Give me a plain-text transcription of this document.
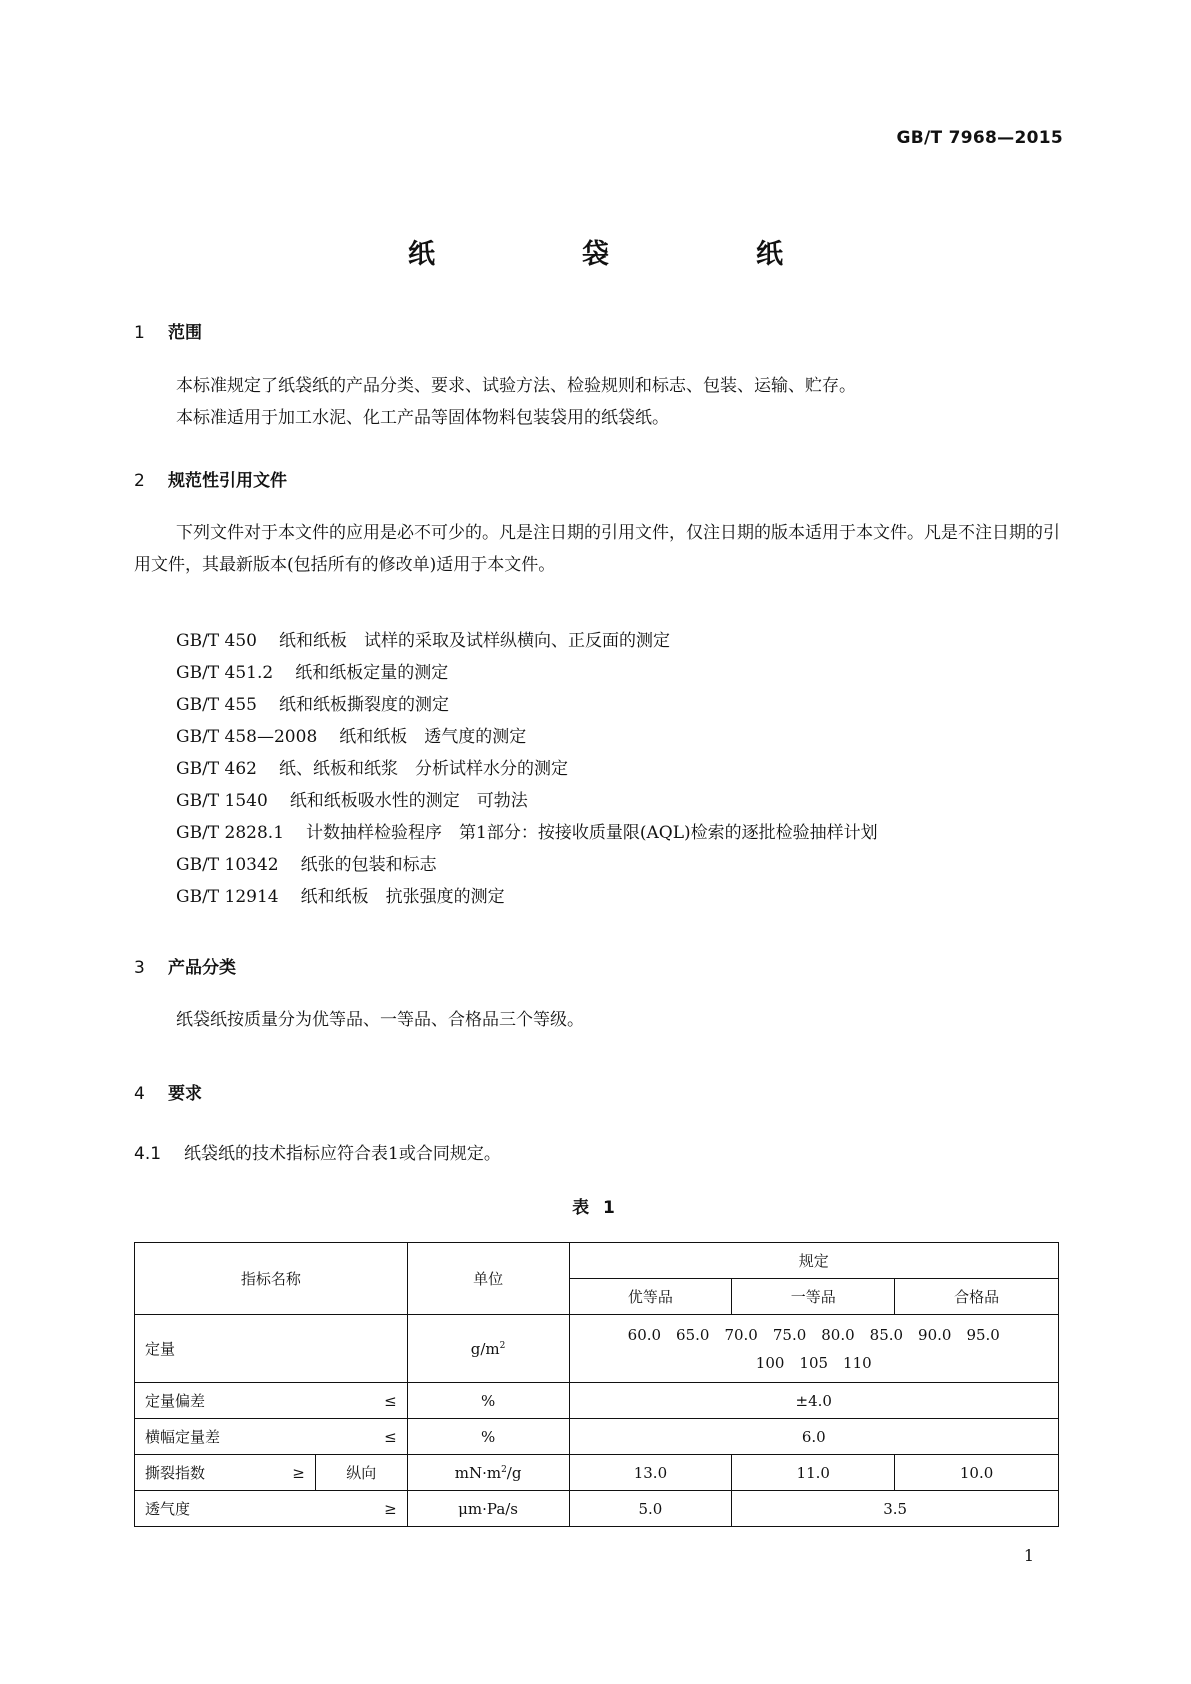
GB/T 7968—2015
纸　袋　纸
1 范围
本标准规定了纸袋纸的产品分类、要求、试验方法、检验规则和标志、包装、运输、贮存。
本标准适用于加工水泥、化工产品等固体物料包装袋用的纸袋纸。
2 规范性引用文件
下列文件对于本文件的应用是必不可少的。凡是注日期的引用文件，仅注日期的版本适用于本文件。凡是不注日期的引用文件，其最新版本(包括所有的修改单)适用于本文件。
GB/T 450 纸和纸板　试样的采取及试样纵横向、正反面的测定
GB/T 451.2 纸和纸板定量的测定
GB/T 455 纸和纸板撕裂度的测定
GB/T 458—2008 纸和纸板　透气度的测定
GB/T 462 纸、纸板和纸浆　分析试样水分的测定
GB/T 1540 纸和纸板吸水性的测定　可勃法
GB/T 2828.1 计数抽样检验程序　第1部分：按接收质量限(AQL)检索的逐批检验抽样计划
GB/T 10342 纸张的包装和标志
GB/T 12914 纸和纸板　抗张强度的测定
3 产品分类
纸袋纸按质量分为优等品、一等品、合格品三个等级。
4 要求
4.1 纸袋纸的技术指标应符合表1或合同规定。
表 1
指标名称		单位	规定		
			优等品	一等品	合格品
定量		$g/m^2$	60.0　65.0　70.0　75.0　80.0　85.0　90.0　95.0
100　105　110		

定量偏差 ≤		%	±4.0		

横幅定量差 ≤		%	6.0		

撕裂指数 ≥	纵向	$mN\cdot m^2/g$	13.0	11.0	10.0

透气度 ≥		μm·Pa/s	5.0	3.5	
1
